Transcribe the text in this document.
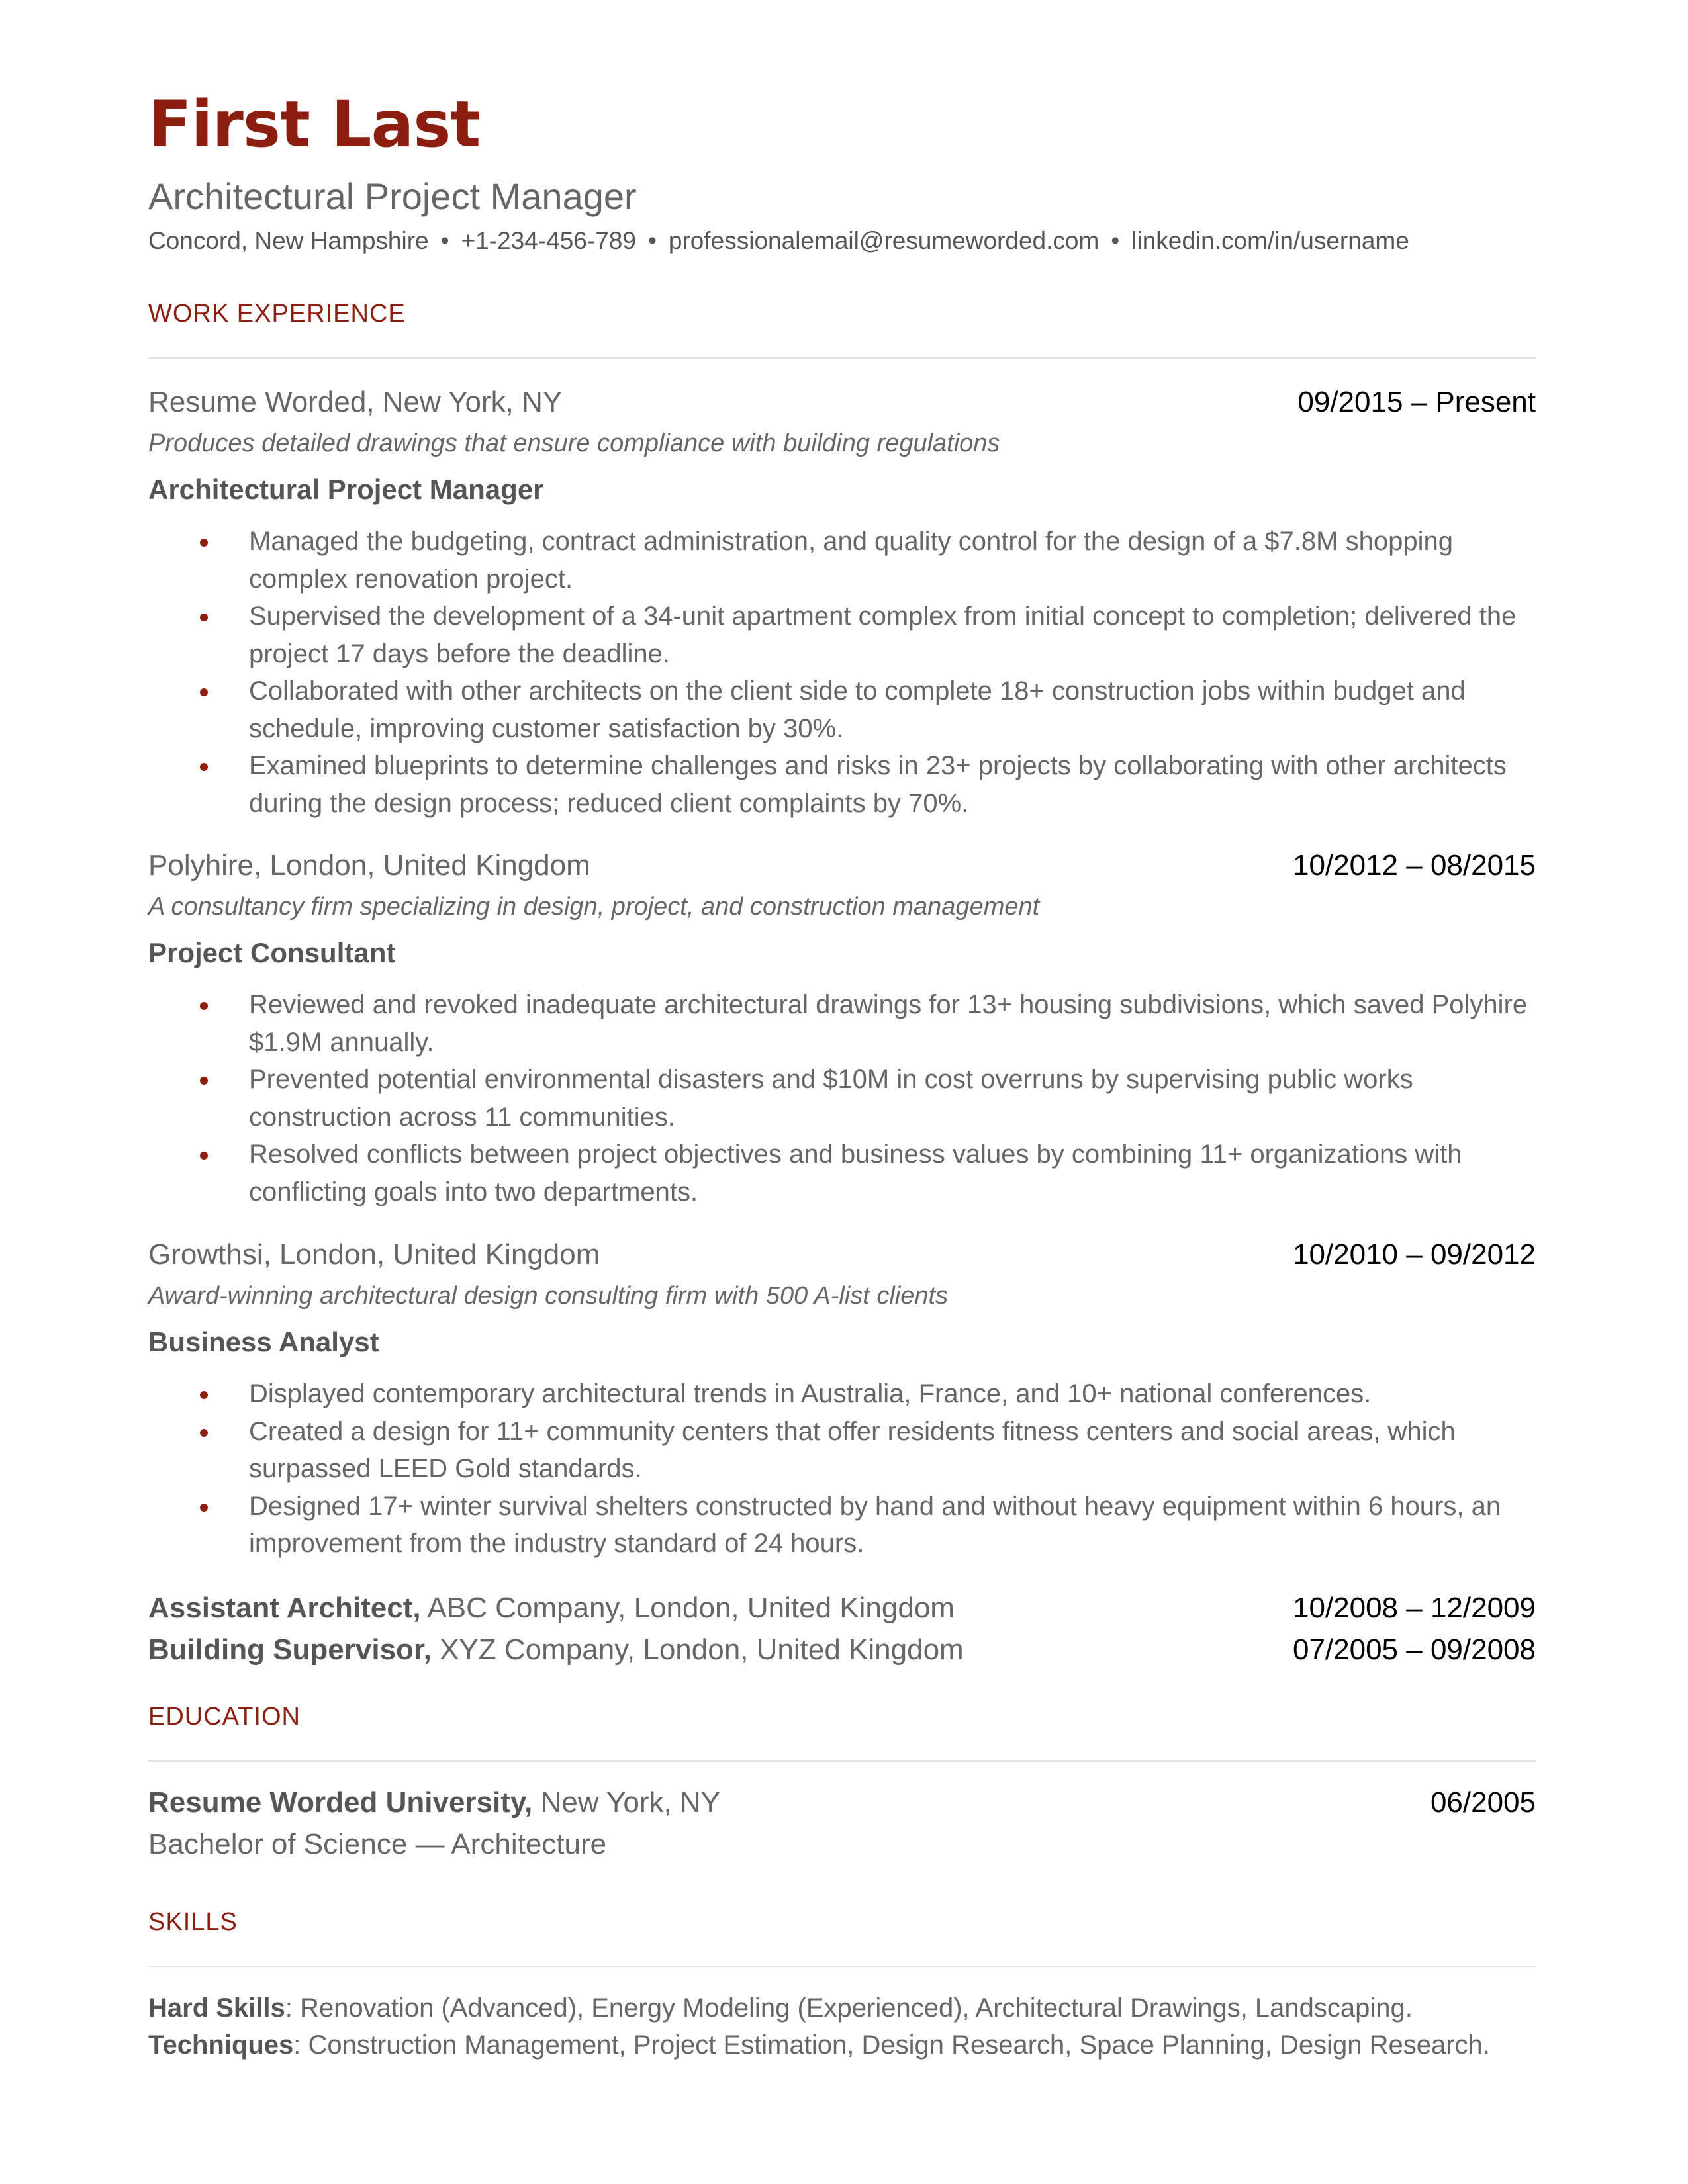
First Last
Architectural Project Manager
Concord, New Hampshire • +1-234-456-789 • professionalemail@resumeworded.com • linkedin.com/in/username
WORK EXPERIENCE
Resume Worded, New York, NY	09/2015 – Present
Produces detailed drawings that ensure compliance with building regulations
Architectural Project Manager
Managed the budgeting, contract administration, and quality control for the design of a $7.8M shopping complex renovation project.
Supervised the development of a 34-unit apartment complex from initial concept to completion; delivered the project 17 days before the deadline.
Collaborated with other architects on the client side to complete 18+ construction jobs within budget and schedule, improving customer satisfaction by 30%.
Examined blueprints to determine challenges and risks in 23+ projects by collaborating with other architects during the design process; reduced client complaints by 70%.
Polyhire, London, United Kingdom	10/2012 – 08/2015
A consultancy firm specializing in design, project, and construction management
Project Consultant
Reviewed and revoked inadequate architectural drawings for 13+ housing subdivisions, which saved Polyhire $1.9M annually.
Prevented potential environmental disasters and $10M in cost overruns by supervising public works construction across 11 communities.
Resolved conflicts between project objectives and business values by combining 11+ organizations with conflicting goals into two departments.
Growthsi, London, United Kingdom	10/2010 – 09/2012
Award-winning architectural design consulting firm with 500 A-list clients
Business Analyst
Displayed contemporary architectural trends in Australia, France, and 10+ national conferences.
Created a design for 11+ community centers that offer residents fitness centers and social areas, which surpassed LEED Gold standards.
Designed 17+ winter survival shelters constructed by hand and without heavy equipment within 6 hours, an improvement from the industry standard of 24 hours.
Assistant Architect, ABC Company, London, United Kingdom	10/2008 – 12/2009
Building Supervisor, XYZ Company, London, United Kingdom	07/2005 – 09/2008
EDUCATION
Resume Worded University, New York, NY	06/2005
Bachelor of Science — Architecture
SKILLS
Hard Skills: Renovation (Advanced), Energy Modeling (Experienced), Architectural Drawings, Landscaping.
Techniques: Construction Management, Project Estimation, Design Research, Space Planning, Design Research.
